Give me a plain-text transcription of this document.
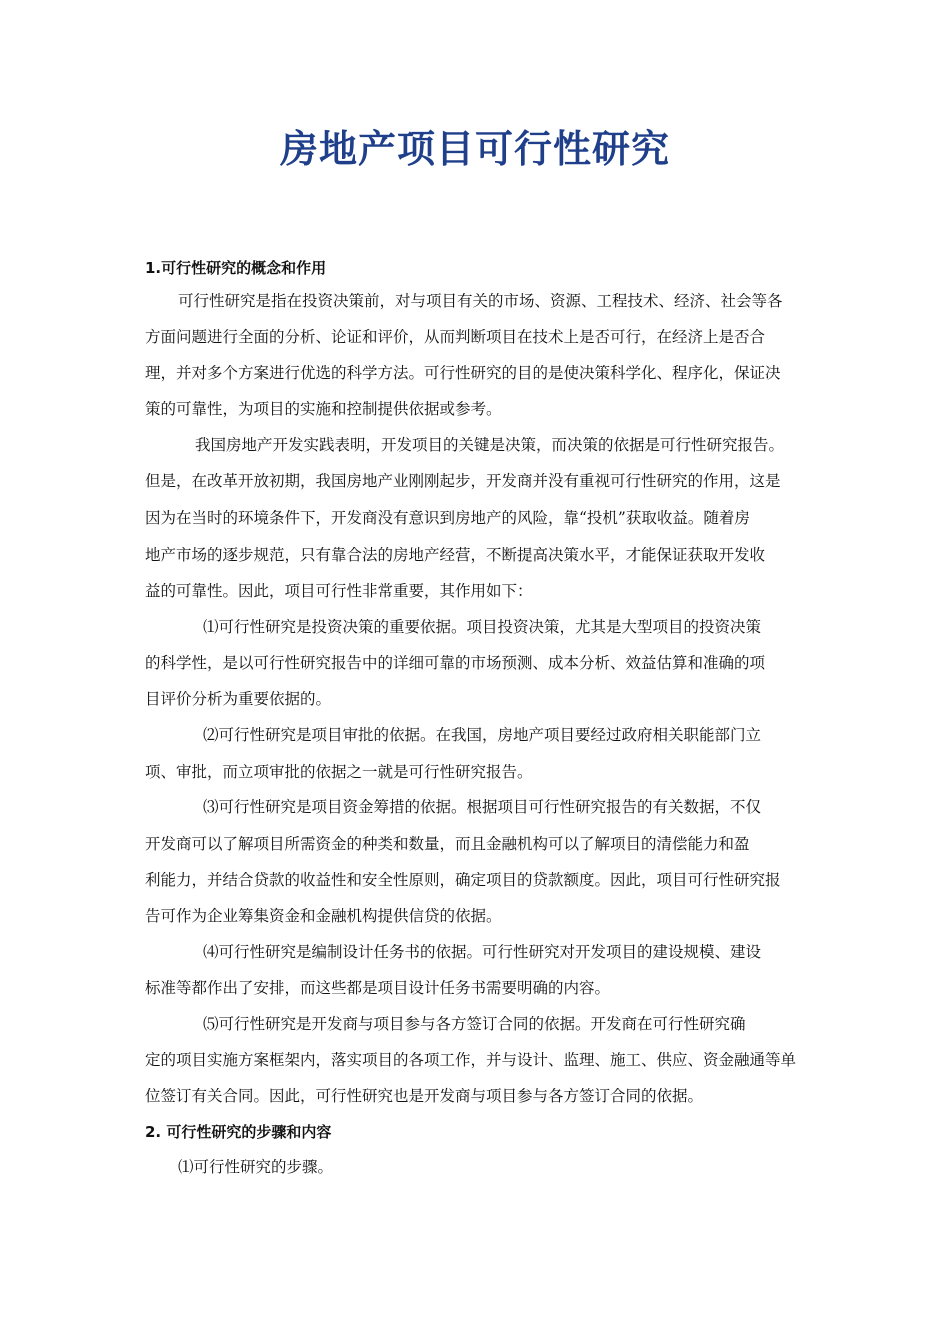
房地产项目可行性研究
1.可行性研究的概念和作用
可行性研究是指在投资决策前，对与项目有关的市场、资源、工程技术、经济、社会等各
方面问题进行全面的分析、论证和评价，从而判断项目在技术上是否可行，在经济上是否合
理，并对多个方案进行优选的科学方法。可行性研究的目的是使决策科学化、程序化，保证决
策的可靠性，为项目的实施和控制提供依据或参考。
我国房地产开发实践表明，开发项目的关键是决策，而决策的依据是可行性研究报告。
但是，在改革开放初期，我国房地产业刚刚起步，开发商并没有重视可行性研究的作用，这是
因为在当时的环境条件下，开发商没有意识到房地产的风险，靠“投机”获取收益。随着房
地产市场的逐步规范，只有靠合法的房地产经营，不断提高决策水平，才能保证获取开发收
益的可靠性。因此，项目可行性非常重要，其作用如下：
⑴可行性研究是投资决策的重要依据。项目投资决策，尤其是大型项目的投资决策
的科学性，是以可行性研究报告中的详细可靠的市场预测、成本分析、效益估算和准确的项
目评价分析为重要依据的。
⑵可行性研究是项目审批的依据。在我国，房地产项目要经过政府相关职能部门立
项、审批，而立项审批的依据之一就是可行性研究报告。
⑶可行性研究是项目资金筹措的依据。根据项目可行性研究报告的有关数据，不仅
开发商可以了解项目所需资金的种类和数量，而且金融机构可以了解项目的清偿能力和盈
利能力，并结合贷款的收益性和安全性原则，确定项目的贷款额度。因此，项目可行性研究报
告可作为企业筹集资金和金融机构提供信贷的依据。
⑷可行性研究是编制设计任务书的依据。可行性研究对开发项目的建设规模、建设
标准等都作出了安排，而这些都是项目设计任务书需要明确的内容。
⑸可行性研究是开发商与项目参与各方签订合同的依据。开发商在可行性研究确
定的项目实施方案框架内，落实项目的各项工作，并与设计、监理、施工、供应、资金融通等单
位签订有关合同。因此，可行性研究也是开发商与项目参与各方签订合同的依据。
2. 可行性研究的步骤和内容
⑴可行性研究的步骤。
